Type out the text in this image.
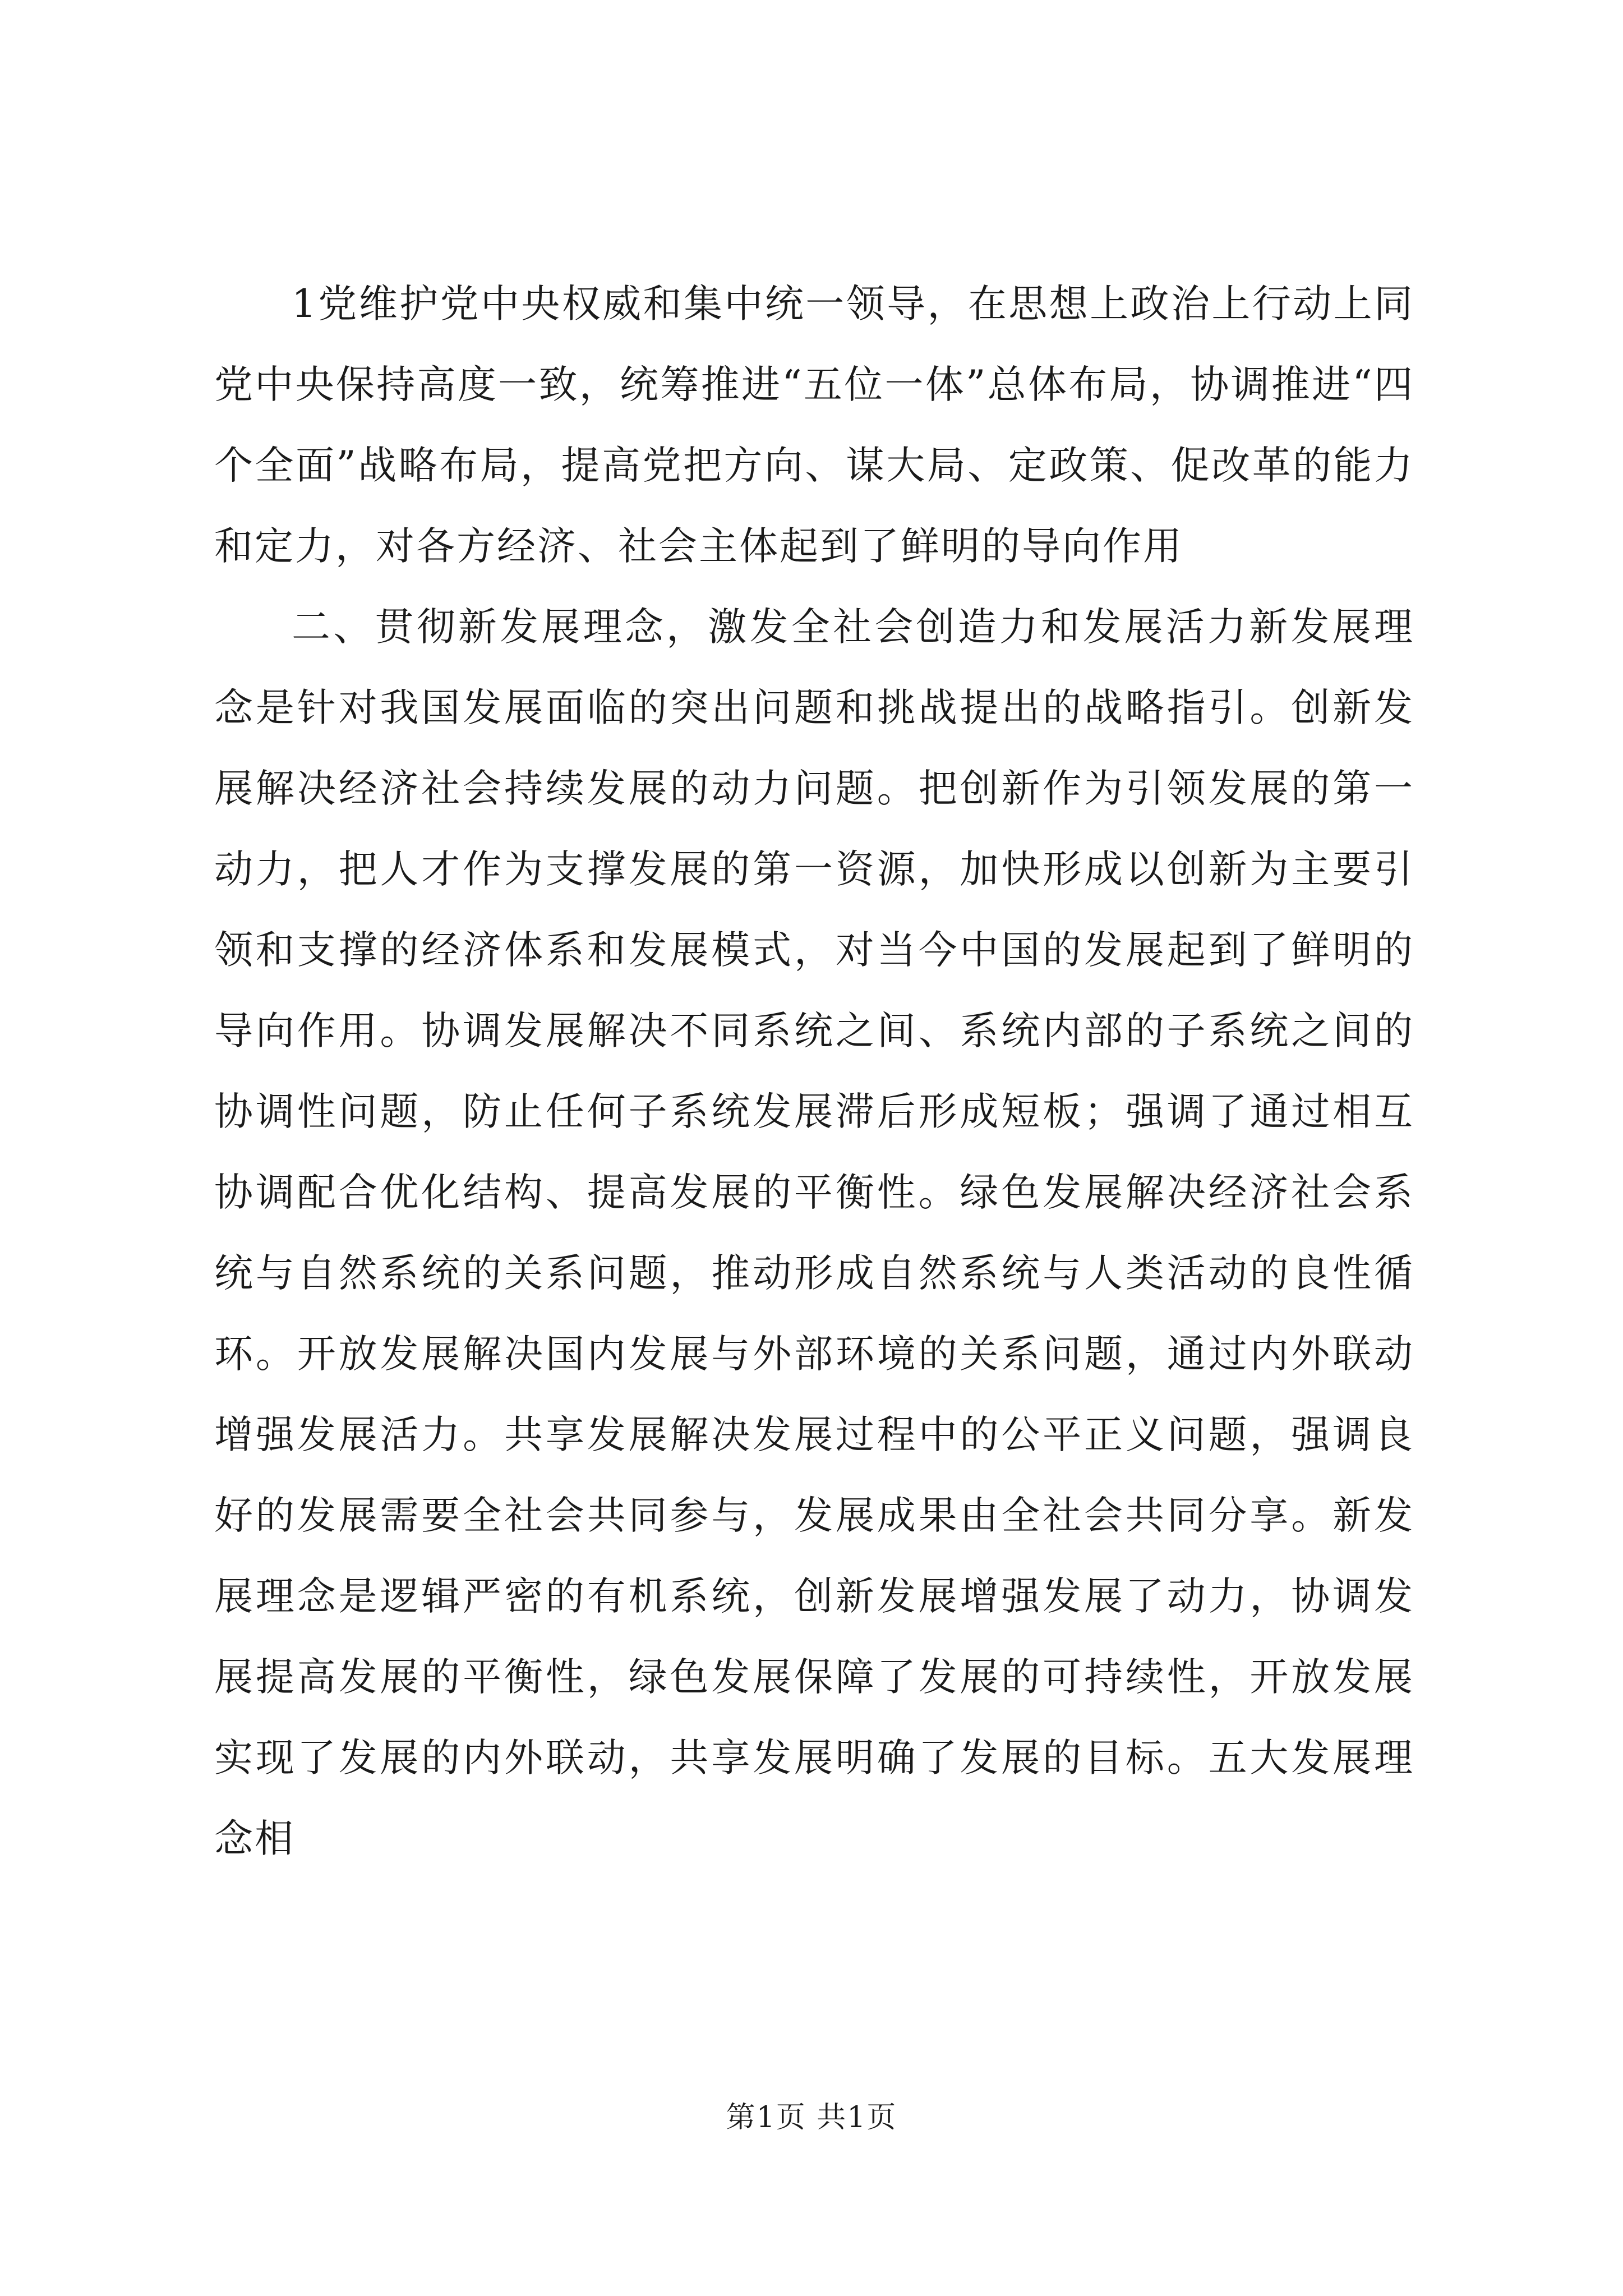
1党维护党中央权威和集中统一领导，在思想上政治上行动上同党中央保持高度一致，统筹推进“五位一体”总体布局，协调推进“四个全面”战略布局，提高党把方向、谋大局、定政策、促改革的能力和定力，对各方经济、社会主体起到了鲜明的导向作用

二、贯彻新发展理念，激发全社会创造力和发展活力新发展理念是针对我国发展面临的突出问题和挑战提出的战略指引。创新发展解决经济社会持续发展的动力问题。把创新作为引领发展的第一动力，把人才作为支撑发展的第一资源，加快形成以创新为主要引领和支撑的经济体系和发展模式，对当今中国的发展起到了鲜明的导向作用。协调发展解决不同系统之间、系统内部的子系统之间的协调性问题，防止任何子系统发展滞后形成短板；强调了通过相互协调配合优化结构、提高发展的平衡性。绿色发展解决经济社会系统与自然系统的关系问题，推动形成自然系统与人类活动的良性循环。开放发展解决国内发展与外部环境的关系问题，通过内外联动增强发展活力。共享发展解决发展过程中的公平正义问题，强调良好的发展需要全社会共同参与，发展成果由全社会共同分享。新发展理念是逻辑严密的有机系统，创新发展增强发展了动力，协调发展提高发展的平衡性，绿色发展保障了发展的可持续性，开放发展实现了发展的内外联动，共享发展明确了发展的目标。五大发展理念相

第1页 共1页
